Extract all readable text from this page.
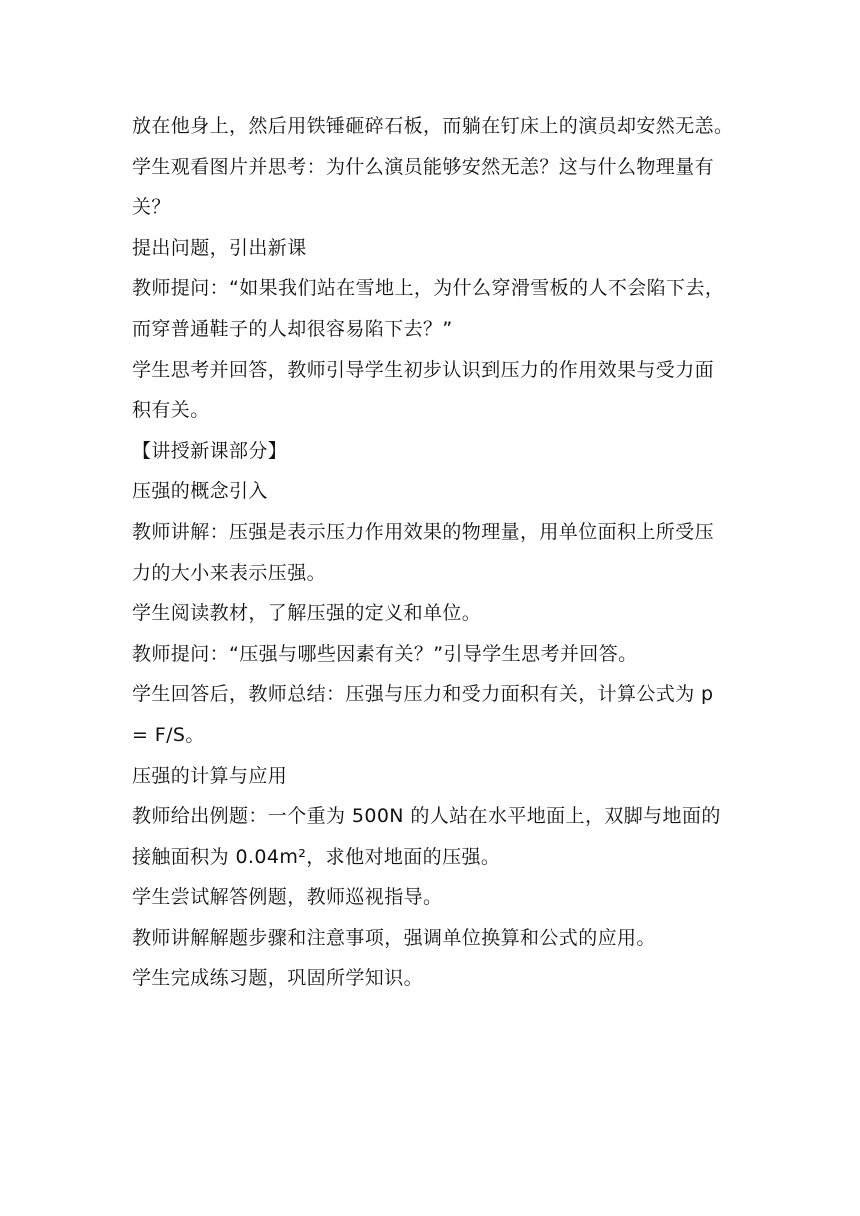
放在他身上，然后用铁锤砸碎石板，而躺在钉床上的演员却安然无恙。
学生观看图片并思考：为什么演员能够安然无恙？这与什么物理量有
关？
提出问题，引出新课
教师提问：“如果我们站在雪地上，为什么穿滑雪板的人不会陷下去，
而穿普通鞋子的人却很容易陷下去？”
学生思考并回答，教师引导学生初步认识到压力的作用效果与受力面
积有关。
【讲授新课部分】
压强的概念引入
教师讲解：压强是表示压力作用效果的物理量，用单位面积上所受压
力的大小来表示压强。
学生阅读教材，了解压强的定义和单位。
教师提问：“压强与哪些因素有关？”引导学生思考并回答。
学生回答后，教师总结：压强与压力和受力面积有关，计算公式为 p
= F/S。
压强的计算与应用
教师给出例题：一个重为 500N 的人站在水平地面上，双脚与地面的
接触面积为 0.04m²，求他对地面的压强。
学生尝试解答例题，教师巡视指导。
教师讲解解题步骤和注意事项，强调单位换算和公式的应用。
学生完成练习题，巩固所学知识。
